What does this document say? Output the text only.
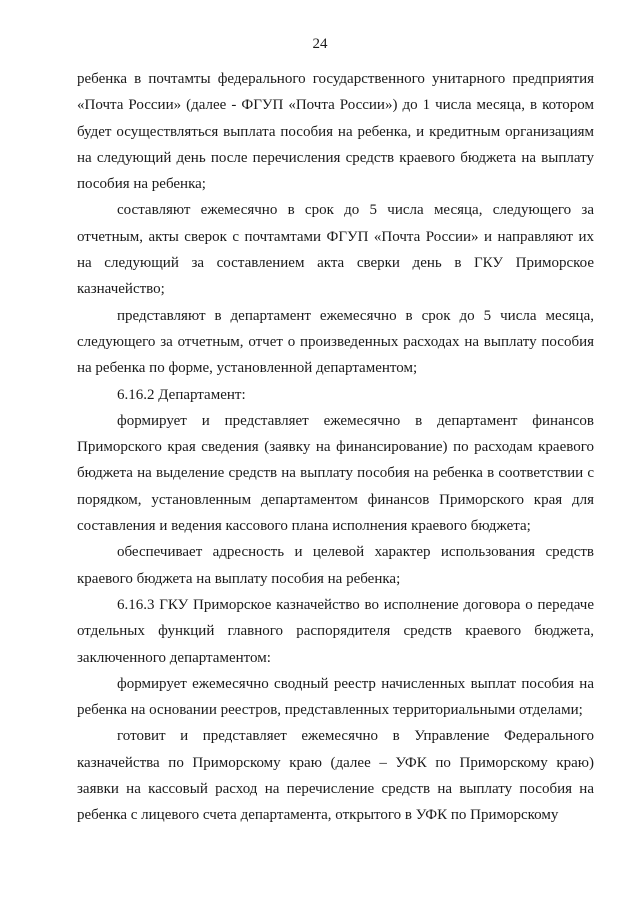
24

ребенка в почтамты федерального государственного унитарного предприятия «Почта России» (далее - ФГУП «Почта России») до 1 числа месяца, в котором будет осуществляться выплата пособия на ребенка, и кредитным организациям на следующий день после перечисления средств краевого бюджета на выплату пособия на ребенка;

составляют ежемесячно в срок до 5 числа месяца, следующего за отчетным, акты сверок с почтамтами ФГУП «Почта России» и направляют их на следующий за составлением акта сверки день в ГКУ Приморское казначейство;

представляют в департамент ежемесячно в срок до 5 числа месяца, следующего за отчетным, отчет о произведенных расходах на выплату пособия на ребенка по форме, установленной департаментом;

6.16.2 Департамент:

формирует и представляет ежемесячно в департамент финансов Приморского края сведения (заявку на финансирование) по расходам краевого бюджета на выделение средств на выплату пособия на ребенка в соответствии с порядком, установленным департаментом финансов Приморского края для составления и ведения кассового плана исполнения краевого бюджета;

обеспечивает адресность и целевой характер использования средств краевого бюджета на выплату пособия на ребенка;

6.16.3 ГКУ Приморское казначейство во исполнение договора о передаче отдельных функций главного распорядителя средств краевого бюджета, заключенного департаментом:

формирует ежемесячно сводный реестр начисленных выплат пособия на ребенка на основании реестров, представленных территориальными отделами;

готовит и представляет ежемесячно в Управление Федерального казначейства по Приморскому краю (далее – УФК по Приморскому краю) заявки на кассовый расход на перечисление средств на выплату пособия на ребенка с лицевого счета департамента, открытого в УФК по Приморскому
